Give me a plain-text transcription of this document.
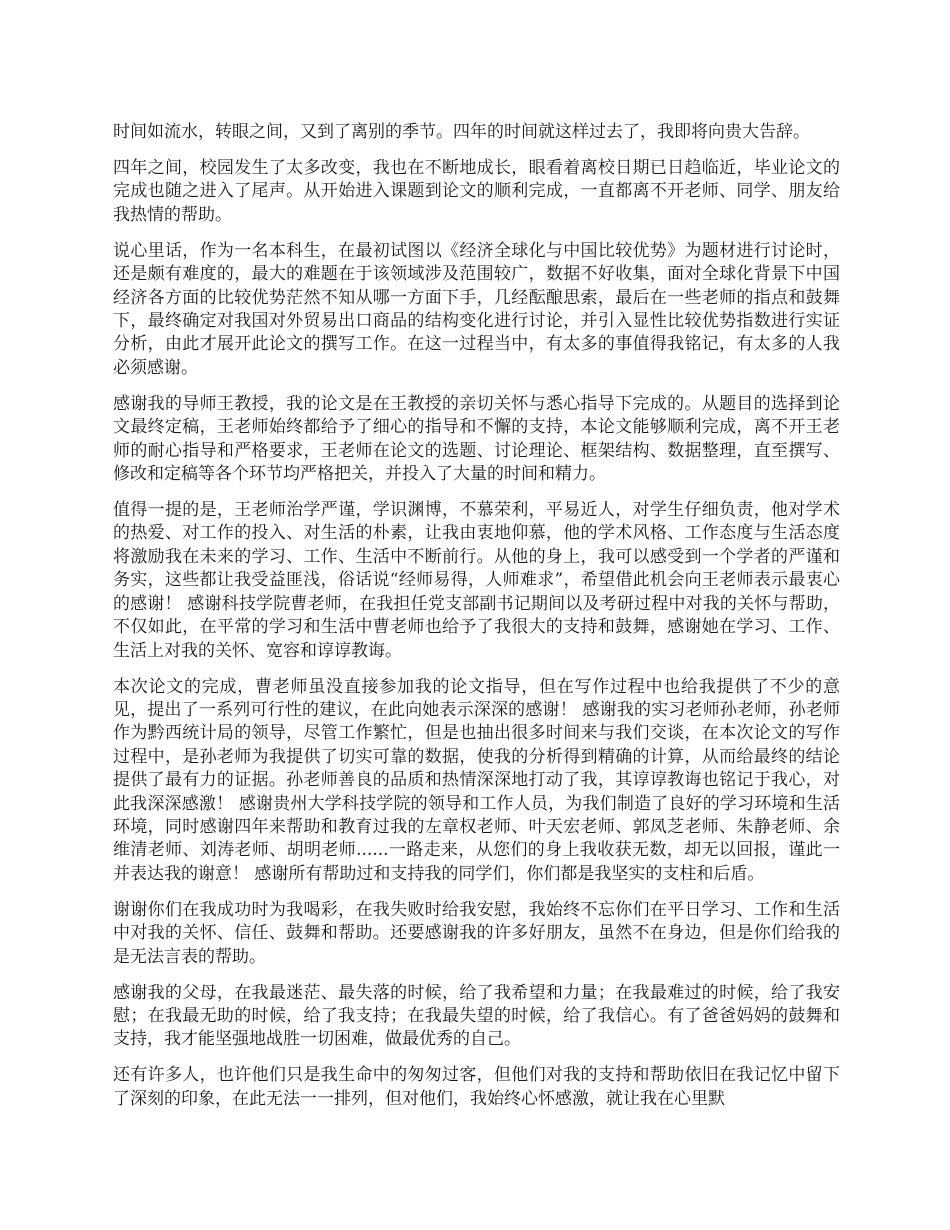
时间如流水，转眼之间，又到了离别的季节。四年的时间就这样过去了，我即将向贵大告辞。

四年之间，校园发生了太多改变，我也在不断地成长，眼看着离校日期已日趋临近，毕业论文的完成也随之进入了尾声。从开始进入课题到论文的顺利完成，一直都离不开老师、同学、朋友给我热情的帮助。

说心里话，作为一名本科生，在最初试图以《经济全球化与中国比较优势》为题材进行讨论时，还是颇有难度的，最大的难题在于该领域涉及范围较广，数据不好收集，面对全球化背景下中国经济各方面的比较优势茫然不知从哪一方面下手，几经酝酿思索，最后在一些老师的指点和鼓舞下，最终确定对我国对外贸易出口商品的结构变化进行讨论，并引入显性比较优势指数进行实证分析，由此才展开此论文的撰写工作。在这一过程当中，有太多的事值得我铭记，有太多的人我必须感谢。

感谢我的导师王教授，我的论文是在王教授的亲切关怀与悉心指导下完成的。从题目的选择到论文最终定稿，王老师始终都给予了细心的指导和不懈的支持，本论文能够顺利完成，离不开王老师的耐心指导和严格要求，王老师在论文的选题、讨论理论、框架结构、数据整理，直至撰写、修改和定稿等各个环节均严格把关，并投入了大量的时间和精力。

值得一提的是，王老师治学严谨，学识渊博，不慕荣利，平易近人，对学生仔细负责，他对学术的热爱、对工作的投入、对生活的朴素，让我由衷地仰慕，他的学术风格、工作态度与生活态度将激励我在未来的学习、工作、生活中不断前行。从他的身上，我可以感受到一个学者的严谨和务实，这些都让我受益匪浅，俗话说“经师易得，人师难求”，希望借此机会向王老师表示最衷心的感谢！ 感谢科技学院曹老师，在我担任党支部副书记期间以及考研过程中对我的关怀与帮助，不仅如此，在平常的学习和生活中曹老师也给予了我很大的支持和鼓舞，感谢她在学习、工作、生活上对我的关怀、宽容和谆谆教诲。

本次论文的完成，曹老师虽没直接参加我的论文指导，但在写作过程中也给我提供了不少的意见，提出了一系列可行性的建议，在此向她表示深深的感谢！ 感谢我的实习老师孙老师，孙老师作为黔西统计局的领导，尽管工作繁忙，但是也抽出很多时间来与我们交谈，在本次论文的写作过程中，是孙老师为我提供了切实可靠的数据，使我的分析得到精确的计算，从而给最终的结论提供了最有力的证据。孙老师善良的品质和热情深深地打动了我，其谆谆教诲也铭记于我心，对此我深深感激！ 感谢贵州大学科技学院的领导和工作人员，为我们制造了良好的学习环境和生活环境，同时感谢四年来帮助和教育过我的左章权老师、叶天宏老师、郭凤芝老师、朱静老师、余维清老师、刘涛老师、胡明老师......一路走来，从您们的身上我收获无数，却无以回报，谨此一并表达我的谢意！ 感谢所有帮助过和支持我的同学们，你们都是我坚实的支柱和后盾。

谢谢你们在我成功时为我喝彩，在我失败时给我安慰，我始终不忘你们在平日学习、工作和生活中对我的关怀、信任、鼓舞和帮助。还要感谢我的许多好朋友，虽然不在身边，但是你们给我的是无法言表的帮助。

感谢我的父母，在我最迷茫、最失落的时候，给了我希望和力量；在我最难过的时候，给了我安慰；在我最无助的时候，给了我支持；在我最失望的时候，给了我信心。有了爸爸妈妈的鼓舞和支持，我才能坚强地战胜一切困难，做最优秀的自己。

还有许多人，也许他们只是我生命中的匆匆过客，但他们对我的支持和帮助依旧在我记忆中留下了深刻的印象，在此无法一一排列，但对他们，我始终心怀感激，就让我在心里默
